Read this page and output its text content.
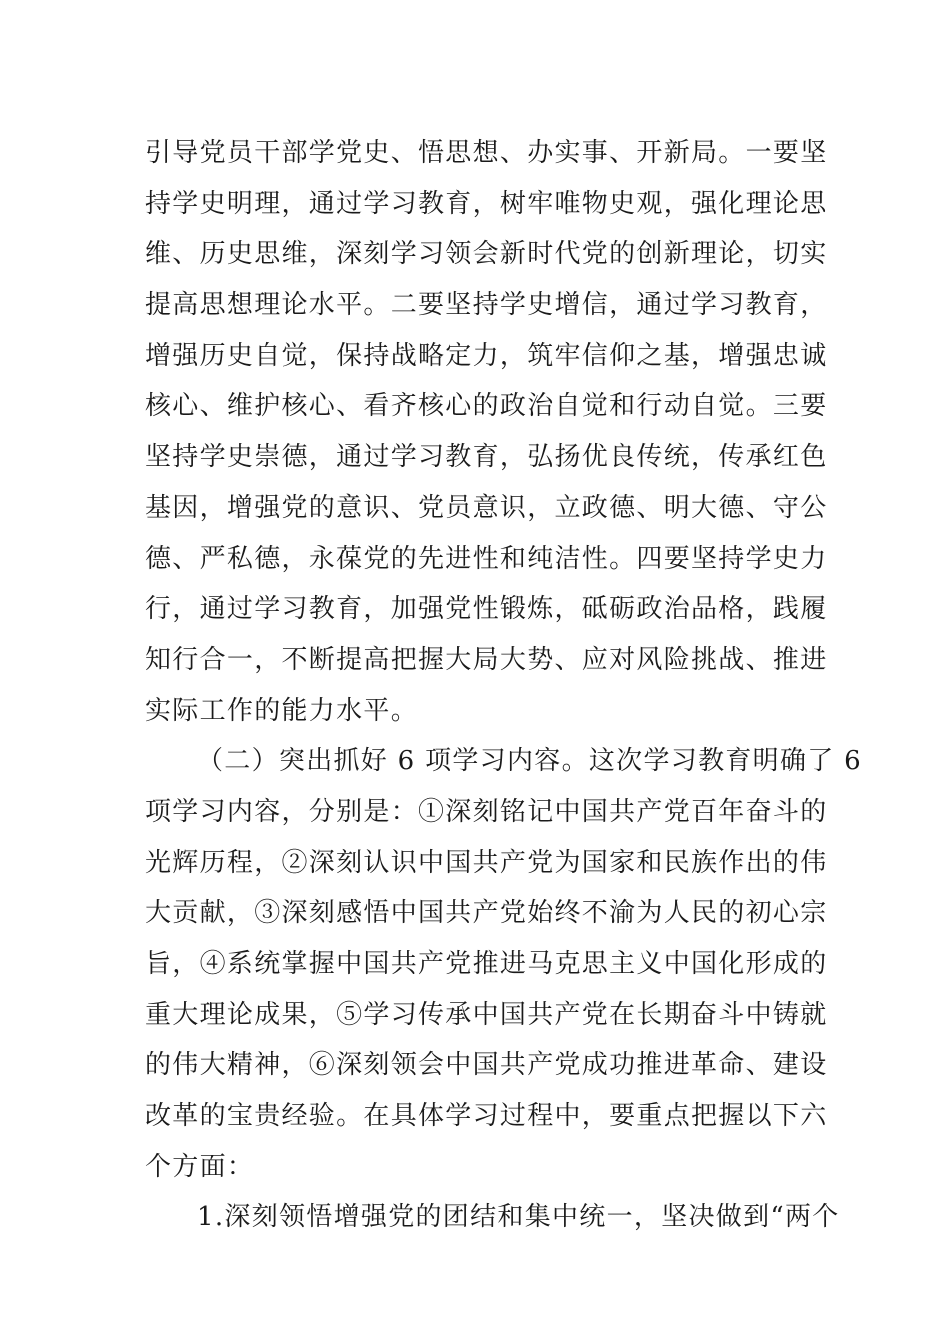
引导党员干部学党史、悟思想、办实事、开新局。一要坚
持学史明理，通过学习教育，树牢唯物史观，强化理论思
维、历史思维，深刻学习领会新时代党的创新理论，切实
提高思想理论水平。二要坚持学史增信，通过学习教育，
增强历史自觉，保持战略定力，筑牢信仰之基，增强忠诚
核心、维护核心、看齐核心的政治自觉和行动自觉。三要
坚持学史崇德，通过学习教育，弘扬优良传统，传承红色
基因，增强党的意识、党员意识，立政德、明大德、守公
德、严私德，永葆党的先进性和纯洁性。四要坚持学史力
行，通过学习教育，加强党性锻炼，砥砺政治品格，践履
知行合一，不断提高把握大局大势、应对风险挑战、推进
实际工作的能力水平。
（二）突出抓好 6 项学习内容。这次学习教育明确了 6
项学习内容，分别是：①深刻铭记中国共产党百年奋斗的
光辉历程，②深刻认识中国共产党为国家和民族作出的伟
大贡献，③深刻感悟中国共产党始终不渝为人民的初心宗
旨，④系统掌握中国共产党推进马克思主义中国化形成的
重大理论成果，⑤学习传承中国共产党在长期奋斗中铸就
的伟大精神，⑥深刻领会中国共产党成功推进革命、建设
改革的宝贵经验。在具体学习过程中，要重点把握以下六
个方面：
1.深刻领悟增强党的团结和集中统一，坚决做到“两个
